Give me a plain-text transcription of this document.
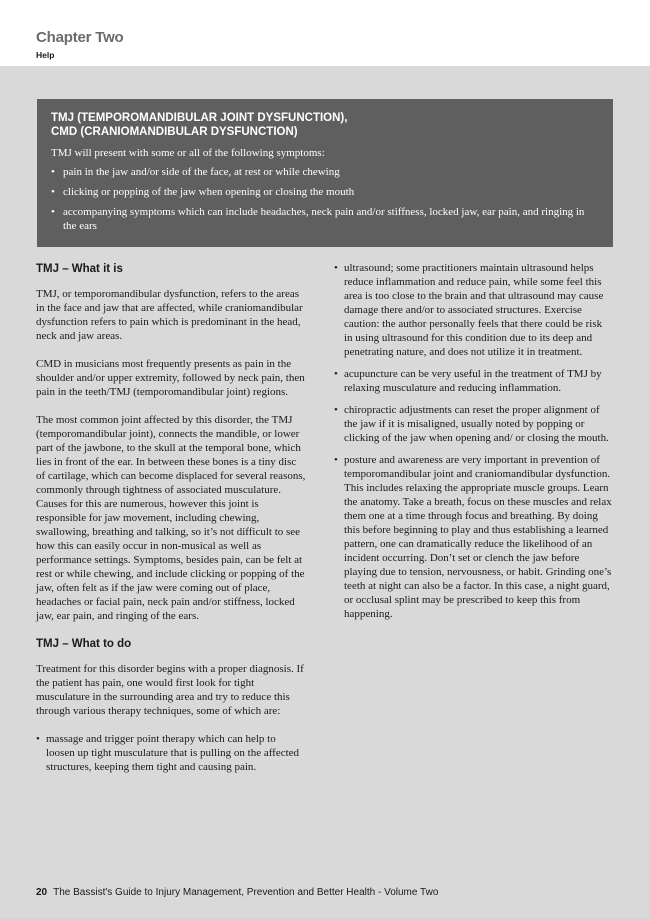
Chapter Two
Help
TMJ (TEMPOROMANDIBULAR JOINT DYSFUNCTION),
CMD (CRANIOMANDIBULAR DYSFUNCTION)

TMJ will present with some or all of the following symptoms:

• pain in the jaw and/or side of the face, at rest or while chewing
• clicking or popping of the jaw when opening or closing the mouth
• accompanying symptoms which can include headaches, neck pain and/or stiffness, locked jaw, ear pain, and ringing in the ears
TMJ – What it is

TMJ, or temporomandibular dysfunction, refers to the areas in the face and jaw that are affected, while craniomandibular dysfunction refers to pain which is predominant in the head, neck and jaw areas.

CMD in musicians most frequently presents as pain in the shoulder and/or upper extremity, followed by neck pain, then pain in the teeth/TMJ (temporomandibular joint) regions.

The most common joint affected by this disorder, the TMJ (temporomandibular joint), connects the mandible, or lower part of the jawbone, to the skull at the temporal bone, which lies in front of the ear. In between these bones is a tiny disc of cartilage, which can become displaced for several reasons, commonly through tightness of associated musculature. Causes for this are numerous, however this joint is responsible for jaw movement, including chewing, swallowing, breathing and talking, so it’s not difficult to see how this can easily occur in non-musical as well as performance settings. Symptoms, besides pain, can be felt at rest or while chewing, and include clicking or popping of the jaw, often felt as if the jaw were coming out of place, headaches or facial pain, neck pain and/or stiffness, locked jaw, ear pain, and ringing of the ears.

TMJ – What to do

Treatment for this disorder begins with a proper diagnosis. If the patient has pain, one would first look for tight musculature in the surrounding area and try to reduce this through various therapy techniques, some of which are:

• massage and trigger point therapy which can help to loosen up tight musculature that is pulling on the affected structures, keeping them tight and causing pain.
• ultrasound; some practitioners maintain ultrasound helps reduce inflammation and reduce pain, while some feel this area is too close to the brain and that ultrasound may cause damage there and/or to associated structures. Exercise caution: the author personally feels that there could be risk in using ultrasound for this condition due to its deep and penetrating nature, and does not utilize it in treatment.
• acupuncture can be very useful in the treatment of TMJ by relaxing musculature and reducing inflammation.
• chiropractic adjustments can reset the proper alignment of the jaw if it is misaligned, usually noted by popping or clicking of the jaw when opening and/ or closing the mouth.
• posture and awareness are very important in prevention of temporomandibular joint and craniomandibular dysfunction. This includes relaxing the appropriate muscle groups. Learn the anatomy. Take a breath, focus on these muscles and relax them one at a time through focus and breathing. By doing this before beginning to play and thus establishing a learned pattern, one can dramatically reduce the likelihood of an incident occurring. Don’t set or clench the jaw before playing due to tension, nervousness, or habit. Grinding one’s teeth at night can also be a factor. In this case, a night guard, or occlusal splint may be prescribed to keep this from happening.
20 The Bassist's Guide to Injury Management, Prevention and Better Health - Volume Two
